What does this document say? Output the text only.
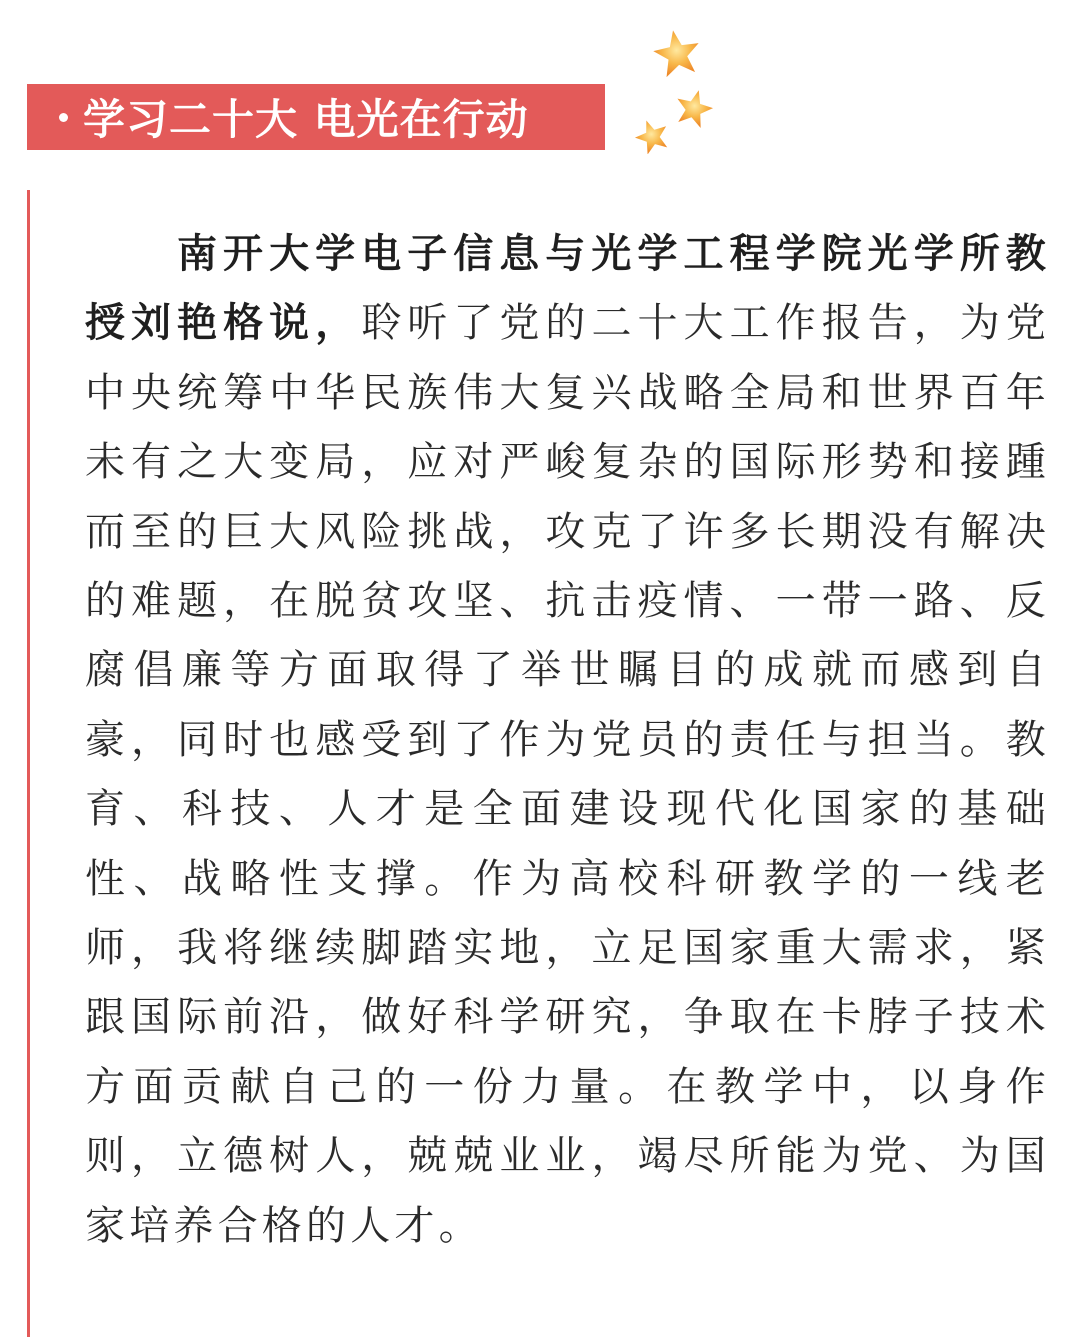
学习二十大 电光在行动

南开大学电子信息与光学工程学院光学所教授刘艳格说，聆听了党的二十大工作报告，为党中央统筹中华民族伟大复兴战略全局和世界百年未有之大变局，应对严峻复杂的国际形势和接踵而至的巨大风险挑战，攻克了许多长期没有解决的难题，在脱贫攻坚、抗击疫情、一带一路、反腐倡廉等方面取得了举世瞩目的成就而感到自豪，同时也感受到了作为党员的责任与担当。教育、科技、人才是全面建设现代化国家的基础性、战略性支撑。作为高校科研教学的一线老师，我将继续脚踏实地，立足国家重大需求，紧跟国际前沿，做好科学研究，争取在卡脖子技术方面贡献自己的一份力量。在教学中，以身作则，立德树人，兢兢业业，竭尽所能为党、为国家培养合格的人才。
